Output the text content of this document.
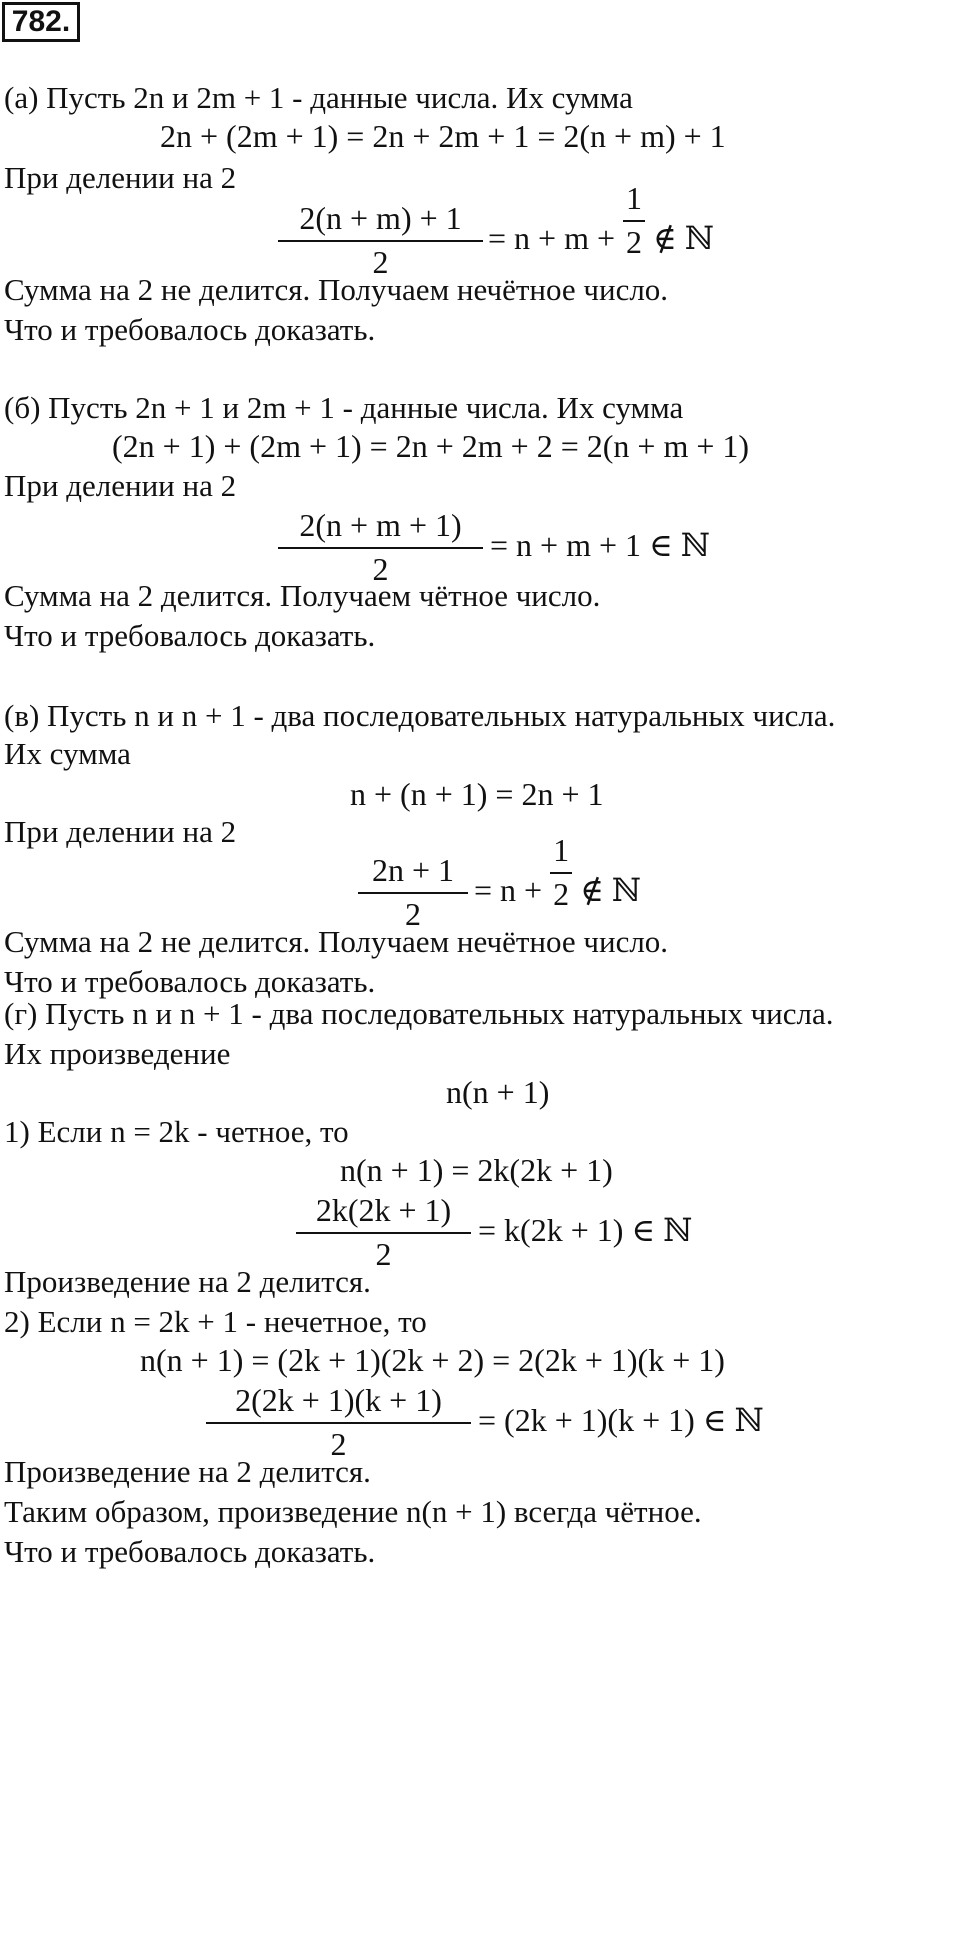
782.
(а) Пусть 2n и 2m + 1 - данные числа. Их сумма
2n + (2m + 1) = 2n + 2m + 1 = 2(n + m) + 1
При делении на 2
2(n + m) + 1
2
= $n + m + \frac{1}{2}$ ∉ ℕ
Сумма на 2 не делится. Получаем нечётное число.
Что и требовалось доказать.
(б) Пусть 2n + 1 и 2m + 1 - данные числа. Их сумма
(2n + 1) + (2m + 1) = 2n + 2m + 2 = 2(n + m + 1)
При делении на 2
2(n + m + 1)
2
= n + m + 1 ∈ ℕ
Сумма на 2 делится. Получаем чётное число.
Что и требовалось доказать.
(в) Пусть n и n + 1 - два последовательных натуральных числа.
Их сумма
n + (n + 1) = 2n + 1
При делении на 2
2n + 1
2
= $n + \frac{1}{2}$ ∉ ℕ
Сумма на 2 не делится. Получаем нечётное число.
Что и требовалось доказать.
(г) Пусть n и n + 1 - два последовательных натуральных числа.
Их произведение
n(n + 1)
1) Если n = 2k - четное, то
n(n + 1) = 2k(2k + 1)
2k(2k + 1)
2
= k(2k + 1) ∈ ℕ
Произведение на 2 делится.
2) Если n = 2k + 1 - нечетное, то
n(n + 1) = (2k + 1)(2k + 2) = 2(2k + 1)(k + 1)
2(2k + 1)(k + 1)
2
= (2k + 1)(k + 1) ∈ ℕ
Произведение на 2 делится.
Таким образом, произведение n(n + 1) всегда чётное.
Что и требовалось доказать.
